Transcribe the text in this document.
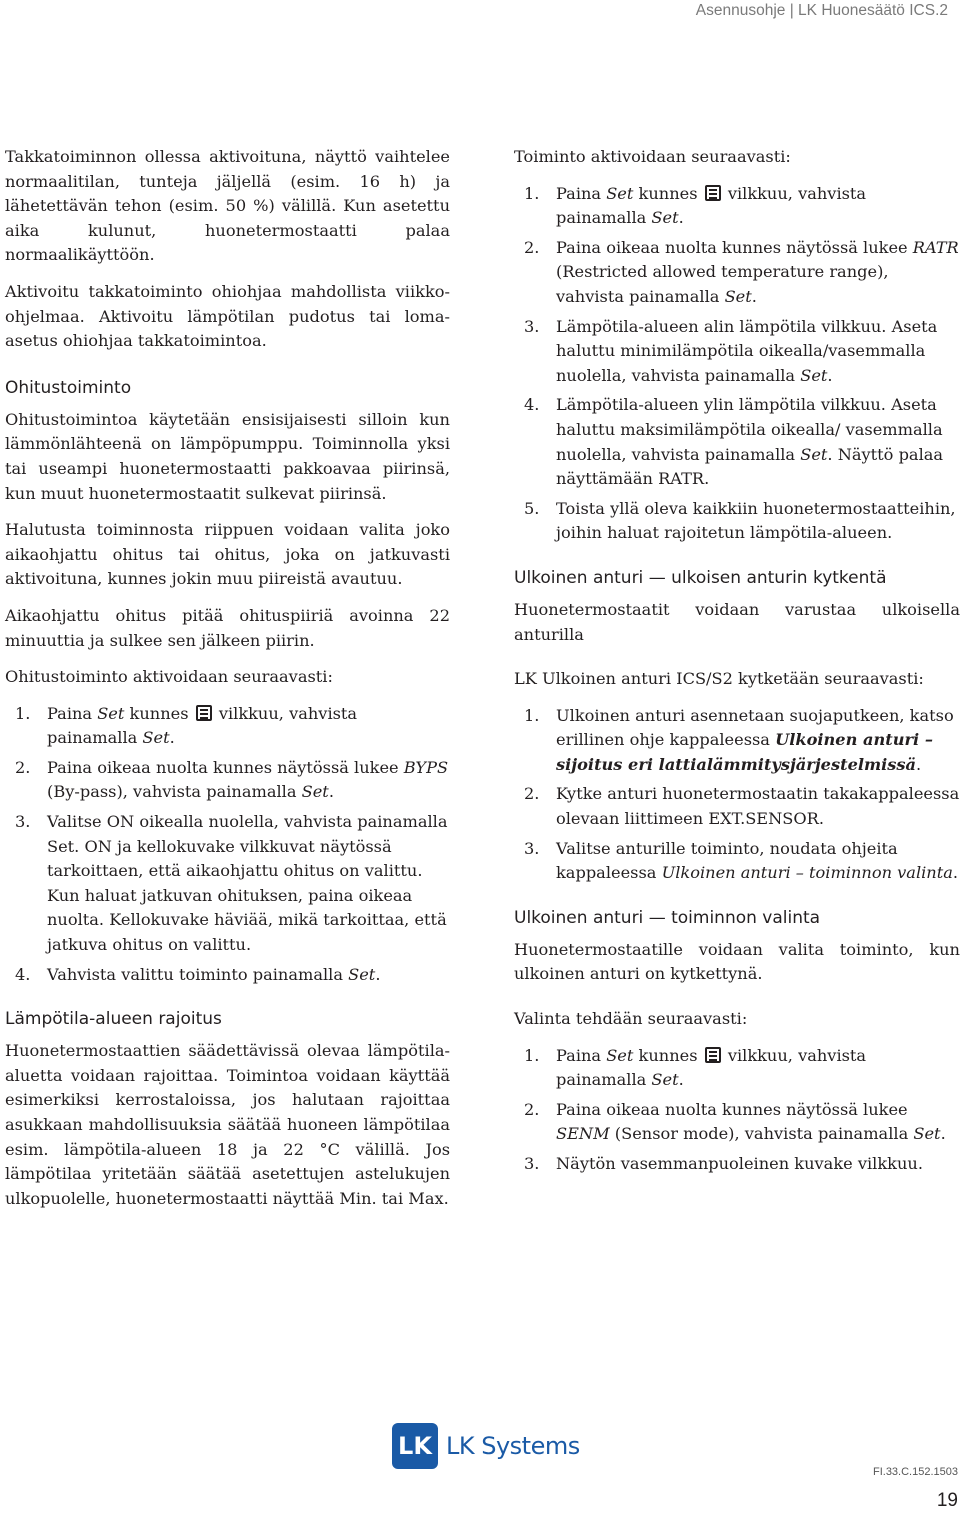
Asennusohje | LK Huonesäätö ICS.2

Takkatoiminnon ollessa aktivoituna, näyttö vaihtelee normaalitilan, tunteja jäljellä (esim. 16 h) ja lähetettävän tehon (esim. 50 %) välillä. Kun asetettu aika kulunut, huonetermostaatti palaa normaalikäyttöön.

Aktivoitu takkatoiminto ohiohjaa mahdollista viikko-ohjelmaa. Aktivoitu lämpötilan pudotus tai loma-asetus ohiohjaa takkatoimintoa.

Ohitustoiminto

Ohitustoimintoa käytetään ensisijaisesti silloin kun lämmönlähteenä on lämpöpumppu. Toiminnolla yksi tai useampi huonetermostaatti pakkoavaa piirinsä, kun muut huonetermostaatit sulkevat piirinsä.

Halutusta toiminnosta riippuen voidaan valita joko aikaohjattu ohitus tai ohitus, joka on jatkuvasti aktivoituna, kunnes jokin muu piireistä avautuu.

Aikaohjattu ohitus pitää ohituspiiriä avoinna 22 minuuttia ja sulkee sen jälkeen piirin.

Ohitustoiminto aktivoidaan seuraavasti:

1. Paina Set kunnes  vilkkuu, vahvista painamalla Set.
2. Paina oikeaa nuolta kunnes näytössä lukee BYPS (By-pass), vahvista painamalla Set.
3. Valitse ON oikealla nuolella, vahvista painamalla Set. ON ja kellokuvake vilkkuvat näytössä tarkoittaen, että aikaohjattu ohitus on valittu.
Kun haluat jatkuvan ohituksen, paina oikeaa nuolta. Kellokuvake häviää, mikä tarkoittaa, että jatkuva ohitus on valittu.
4. Vahvista valittu toiminto painamalla Set.
Lämpötila-alueen rajoitus

Huonetermostaattien säädettävissä olevaa lämpötila-aluetta voidaan rajoittaa. Toimintoa voidaan käyttää esimerkiksi kerrostaloissa, jos halutaan rajoittaa asukkaan mahdollisuuksia säätää huoneen lämpötilaa esim. lämpötila-alueen 18 ja 22 °C välillä. Jos lämpötilaa yritetään säätää asetettujen astelukujen ulkopuolelle, huonetermostaatti näyttää Min. tai Max.

Toiminto aktivoidaan seuraavasti:

1. Paina Set kunnes  vilkkuu, vahvista painamalla Set.
2. Paina oikeaa nuolta kunnes näytössä lukee RATR (Restricted allowed temperature range), vahvista painamalla Set.
3. Lämpötila-alueen alin lämpötila vilkkuu. Aseta haluttu minimilämpötila oikealla/vasemmalla nuolella, vahvista painamalla Set.
4. Lämpötila-alueen ylin lämpötila vilkkuu. Aseta haluttu maksimilämpötila oikealla/ vasemmalla nuolella, vahvista painamalla Set. Näyttö palaa näyttämään RATR.
5. Toista yllä oleva kaikkiin huonetermostaatteihin, joihin haluat rajoitetun lämpötila-alueen.
Ulkoinen anturi — ulkoisen anturin kytkentä

Huonetermostaatit voidaan varustaa ulkoisella anturilla

LK Ulkoinen anturi ICS/S2 kytketään seuraavasti:

1. Ulkoinen anturi asennetaan suojaputkeen, katso erillinen ohje kappaleessa Ulkoinen anturi – sijoitus eri lattialämmitysjärjestelmissä.
2. Kytke anturi huonetermostaatin takakappaleessa olevaan liittimeen EXT.SENSOR.
3. Valitse anturille toiminto, noudata ohjeita kappaleessa Ulkoinen anturi – toiminnon valinta.
Ulkoinen anturi — toiminnon valinta

Huonetermostaatille voidaan valita toiminto, kun ulkoinen anturi on kytkettynä.

Valinta tehdään seuraavasti:

1. Paina Set kunnes  vilkkuu, vahvista painamalla Set.
2. Paina oikeaa nuolta kunnes näytössä lukee SENM (Sensor mode), vahvista painamalla Set.
3. Näytön vasemmanpuoleinen kuvake vilkkuu.
LK LK Systems
FI.33.C.152.1503
19
